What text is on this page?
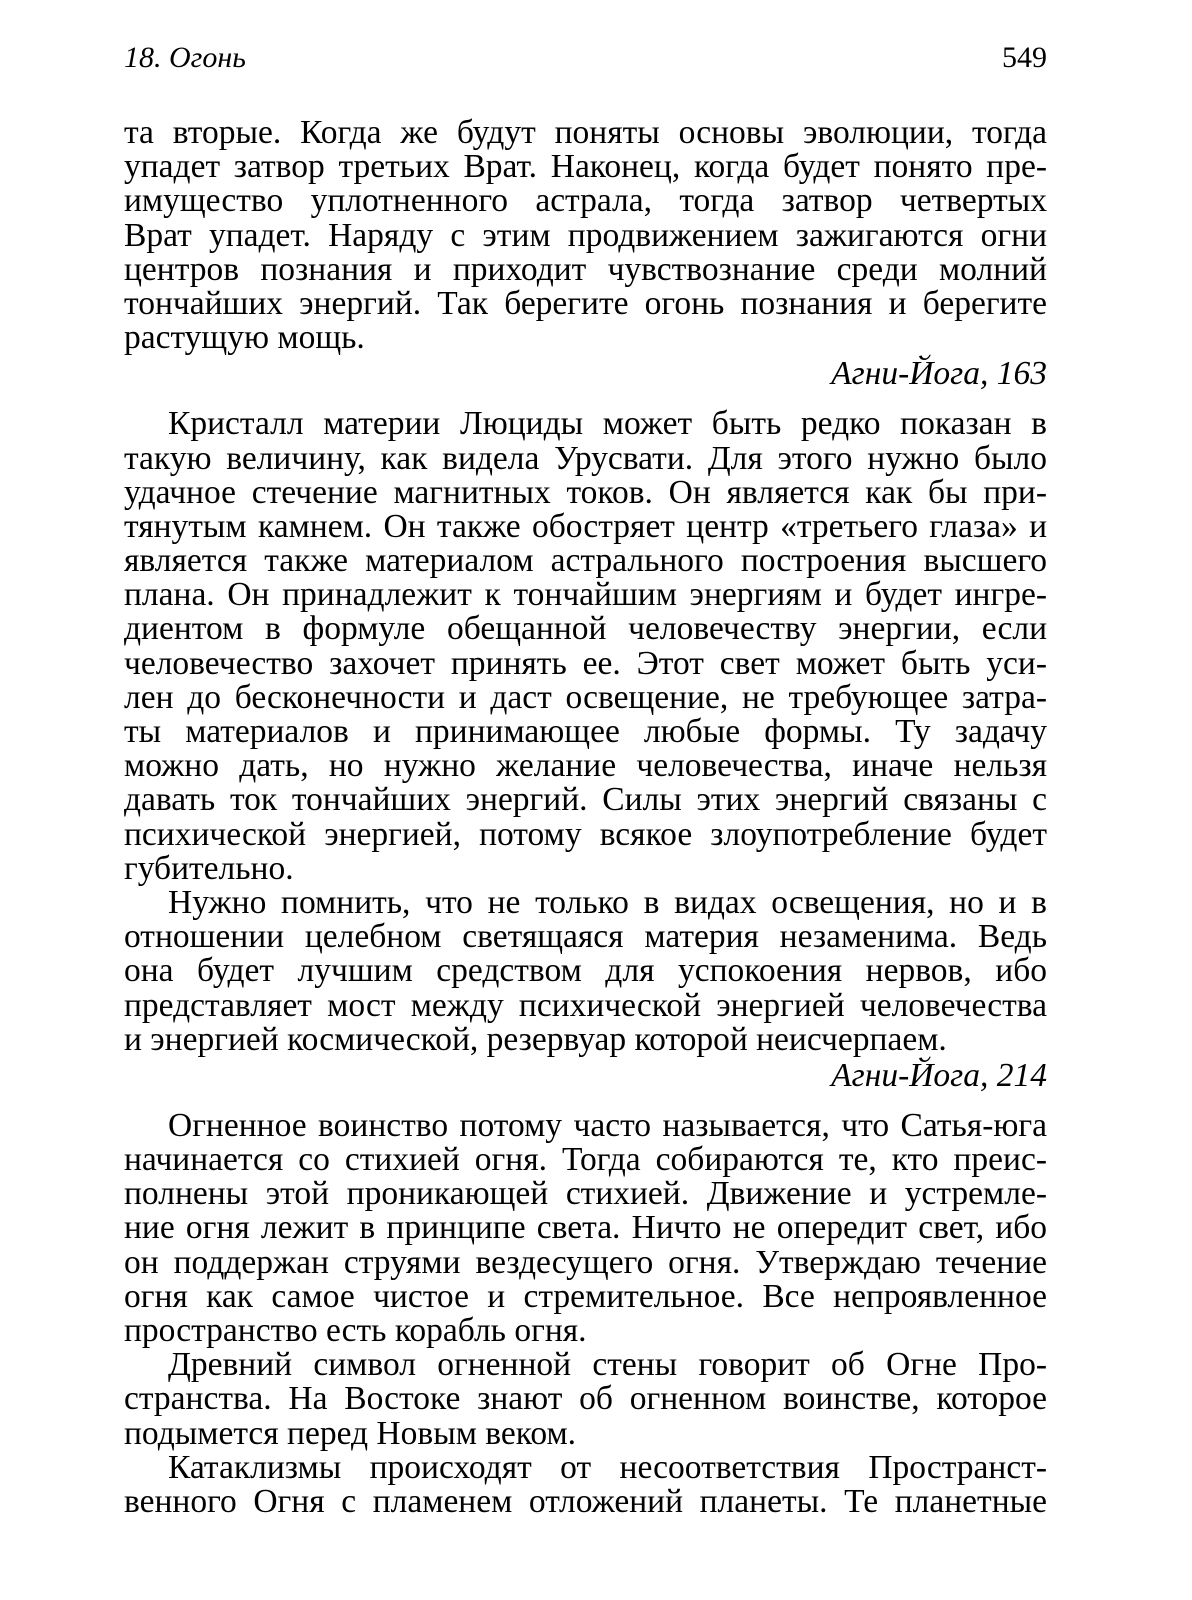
18. Огонь	549
та вторые. Когда же будут поняты основы эволюции, тогда
упадет затвор третьих Врат. Наконец, когда будет понято пре-
имущество уплотненного астрала, тогда затвор четвертых
Врат упадет. Наряду с этим продвижением зажигаются огни
центров познания и приходит чувствознание среди молний
тончайших энергий. Так берегите огонь познания и берегите
растущую мощь.
Агни-Йога, 163
Кристалл материи Люциды может быть редко показан в
такую величину, как видела Урусвати. Для этого нужно было
удачное стечение магнитных токов. Он является как бы при-
тянутым камнем. Он также обостряет центр «третьего глаза» и
является также материалом астрального построения высшего
плана. Он принадлежит к тончайшим энергиям и будет ингре-
диентом в формуле обещанной человечеству энергии, если
человечество захочет принять ее. Этот свет может быть уси-
лен до бесконечности и даст освещение, не требующее затра-
ты материалов и принимающее любые формы. Ту задачу
можно дать, но нужно желание человечества, иначе нельзя
давать ток тончайших энергий. Силы этих энергий связаны с
психической энергией, потому всякое злоупотребление будет
губительно.
Нужно помнить, что не только в видах освещения, но и в
отношении целебном светящаяся материя незаменима. Ведь
она будет лучшим средством для успокоения нервов, ибо
представляет мост между психической энергией человечества
и энергией космической, резервуар которой неисчерпаем.
Агни-Йога, 214
Огненное воинство потому часто называется, что Сатья-юга
начинается со стихией огня. Тогда собираются те, кто преис-
полнены этой проникающей стихией. Движение и устремле-
ние огня лежит в принципе света. Ничто не опередит свет, ибо
он поддержан струями вездесущего огня. Утверждаю течение
огня как самое чистое и стремительное. Все непроявленное
пространство есть корабль огня.
Древний символ огненной стены говорит об Огне Про-
странства. На Востоке знают об огненном воинстве, которое
подымется перед Новым веком.
Катаклизмы происходят от несоответствия Пространст-
венного Огня с пламенем отложений планеты. Те планетные
